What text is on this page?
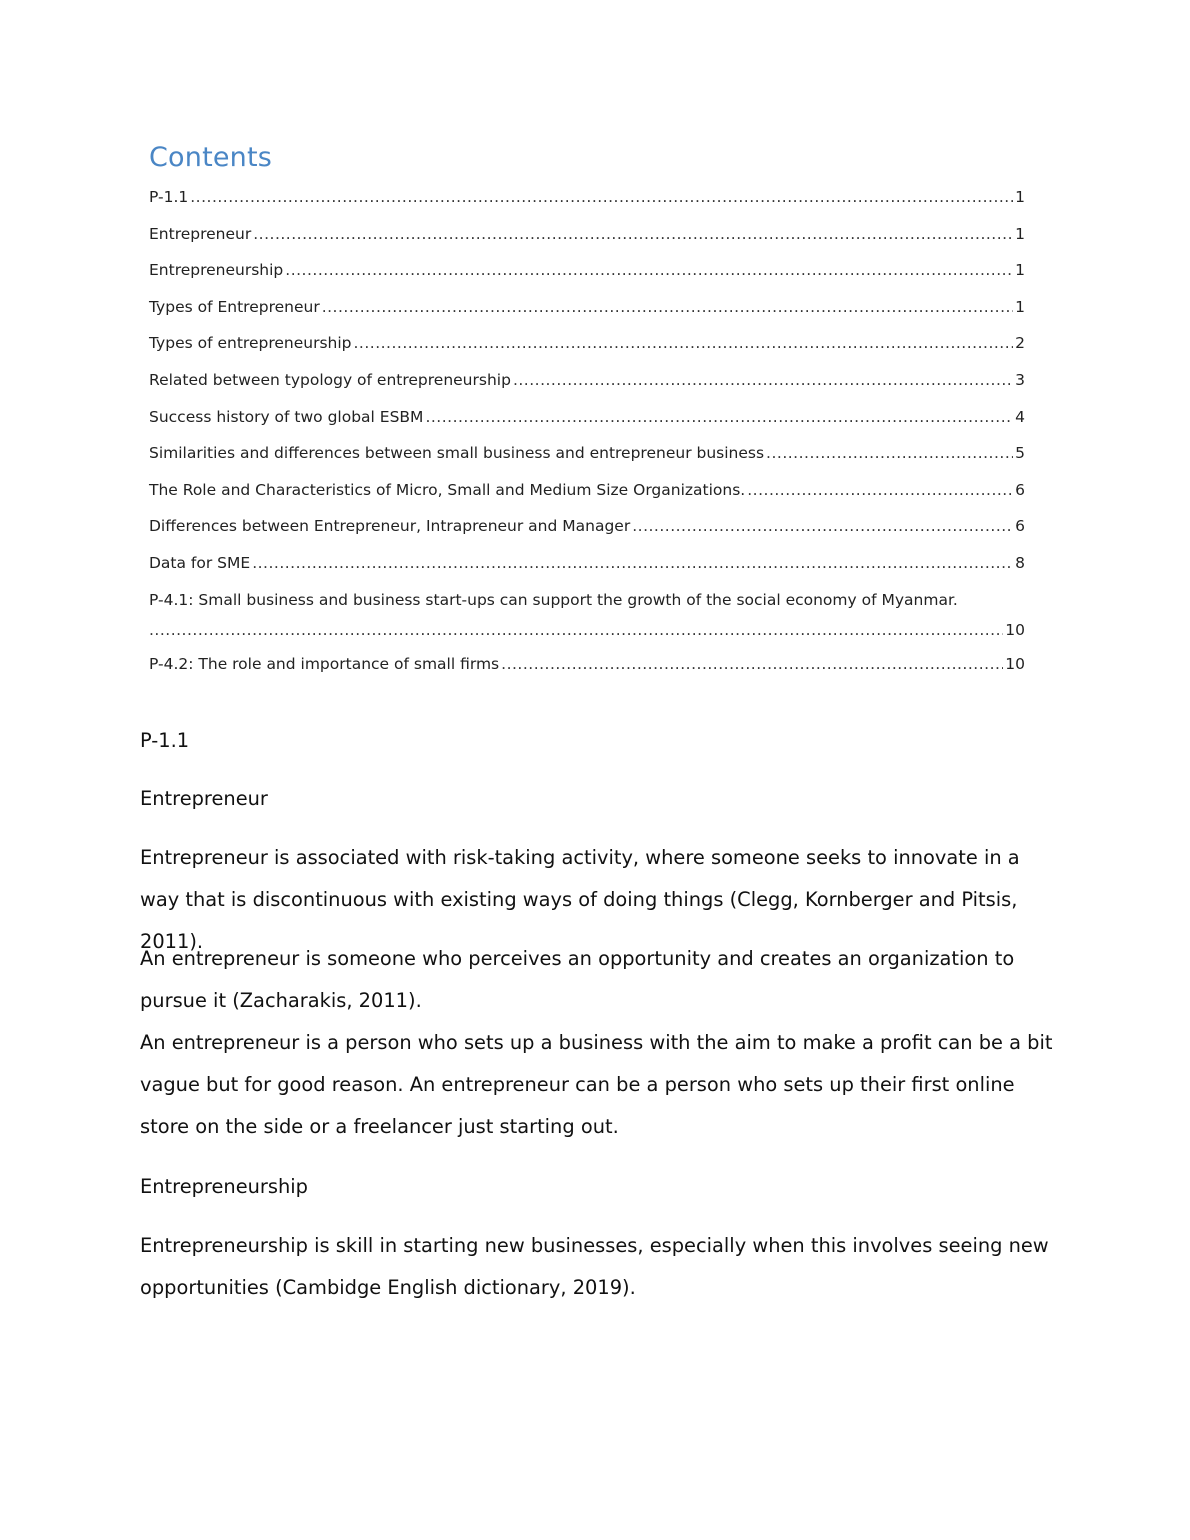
Contents
P-1.1 .....	1
Entrepreneur .....	1
Entrepreneurship .....	1
Types of Entrepreneur .....	1
Types of entrepreneurship .....	2
Related between typology of entrepreneurship .....	3
Success history of two global ESBM .....	4
Similarities and differences between small business and entrepreneur business .....	5
The Role and Characteristics of Micro, Small and Medium Size Organizations. .....	6
Differences between Entrepreneur, Intrapreneur and Manager .....	6
Data for SME .....	8
P-4.1: Small business and business start-ups can support the growth of the social economy of Myanmar.
.....
10
P-4.2: The role and importance of small firms .....	10

P-1.1

Entrepreneur

Entrepreneur is associated with risk-taking activity, where someone seeks to innovate in a way that is discontinuous with existing ways of doing things (Clegg, Kornberger and Pitsis, 2011).

An entrepreneur is someone who perceives an opportunity and creates an organization to pursue it (Zacharakis, 2011).

An entrepreneur is a person who sets up a business with the aim to make a profit can be a bit vague but for good reason. An entrepreneur can be a person who sets up their first online store on the side or a freelancer just starting out.

Entrepreneurship

Entrepreneurship is skill in starting new businesses, especially when this involves seeing new opportunities (Cambidge English dictionary, 2019).
